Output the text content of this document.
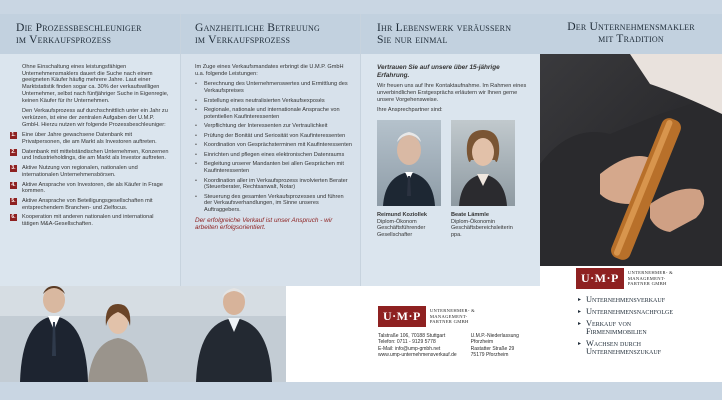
Die Prozessbeschleuniger
im Verkaufsprozess

Ohne Einschaltung eines leistungsfähigen Unternehmensmaklers dauert die Suche nach einem geeigneten Käufer häufig mehrere Jahre. Laut einer Marktstatistik finden sogar ca. 30% der verkaufswilligen Unternehmer, selbst nach fünfjähriger Suche in Eigenregie, keinen Käufer für ihr Unternehmen.

Den Verkaufsprozess auf durchschnittlich unter ein Jahr zu verkürzen, ist eine der zentralen Aufgaben der U.M.P. GmbH. Hierzu nutzen wir folgende Prozessbeschleuniger:

1. Eine über Jahre gewachsene Datenbank mit Privatpersonen, die am Markt als Investoren auftreten.
2. Datenbank mit mittelständischen Unternehmen, Konzernen und Industrieholdings, die am Markt als Investor auftreten.
3. Aktive Nutzung von regionalen, nationalen und internationalen Unternehmensbörsen.
4. Aktive Ansprache von Investoren, die als Käufer in Frage kommen.
5. Aktive Ansprache von Beteiligungsgesellschaften mit entsprechendem Branchen- und Zielfocus.
6. Kooperation mit anderen nationalen und international tätigen M&A-Gesellschaften.
Ganzheitliche Betreuung
im Verkaufsprozess

Im Zuge eines Verkaufsmandates erbringt die U.M.P. GmbH u.a. folgende Leistungen:

• Berechnung des Unternehmenswertes und Ermittlung des Verkaufspreises
• Erstellung eines neutralisierten Verkaufsexposés
• Regionale, nationale und internationale Ansprache von potentiellen Kaufinteressenten
• Verpflichtung der Interessenten zur Vertraulichkeit
• Prüfung der Bonität und Seriosität von Kaufinteressenten
• Koordination von Gesprächsterminen mit Kaufinteressenten
• Einrichten und pflegen eines elektronischen Datenraums
• Begleitung unserer Mandanten bei allen Gesprächen mit Kaufinteressenten
• Koordination aller im Verkaufsprozess involvierten Berater (Steuerberater, Rechtsanwalt, Notar)
• Steuerung des gesamten Verkaufsprozesses und führen der Verkaufsverhandlungen, im Sinne unseres Auftraggebers.
Der erfolgreiche Verkauf ist unser Anspruch - wir arbeiten erfolgsorientiert.
Ihr Lebenswerk veräussern
Sie nur einmal

Vertrauen Sie auf unsere über 15-jährige Erfahrung.

Wir freuen uns auf Ihre Kontaktaufnahme. Im Rahmen eines unverbindlichen Erstgesprächs erläutern wir Ihnen gerne unsere Vorgehensweise.

Ihre Ansprechpartner sind:

Reimund Koziollek
Diplom-Ökonom
Geschäftsführender
Gesellschafter
Beate Lämmle
Diplom-Ökonomin
Geschäftsbereichsleiterin
ppa.
Der Unternehmensmakler
mit Tradition
U·M·P	UNTERNEHMER- &
MANAGEMENT-
PARTNER GMBH
Talstraße 106, 70188 Stuttgart
Telefon: 0711 - 9129 5778
E-Mail: info@ump-gmbh.net
www.ump-unternehmensverkauf.de
U.M.P.-Niederlassung
Pforzheim
Rastatter Straße 29
75179 Pforzheim
▸ Unternehmensverkauf
▸ Unternehmensnachfolge
▸ Verkauf von
Firmenimmobilien
▸ Wachsen durch
Unternehmenszukauf
U·M·P	UNTERNEHMER- &
MANAGEMENT-
PARTNER GMBH
